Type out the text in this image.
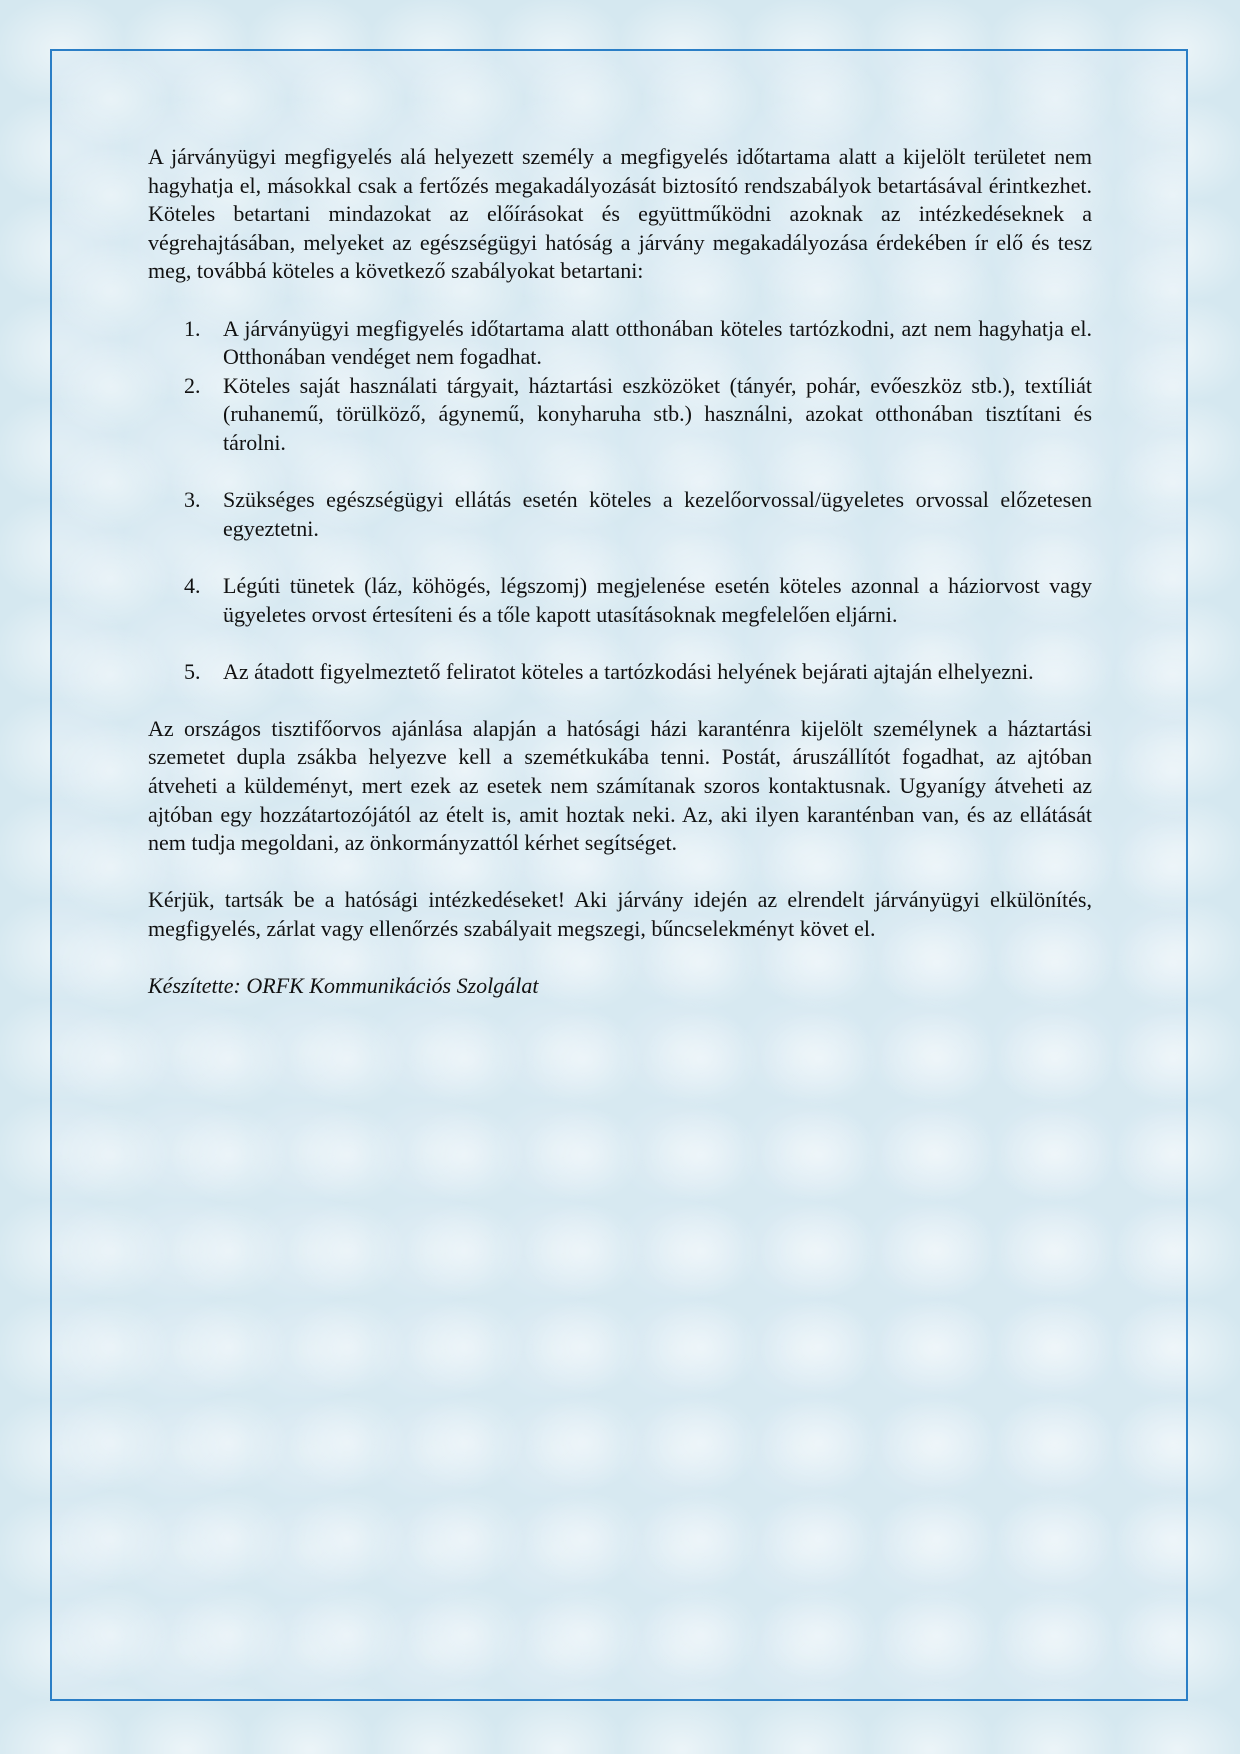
A járványügyi megfigyelés alá helyezett személy a megfigyelés időtartama alatt a kijelölt területet nem hagyhatja el, másokkal csak a fertőzés megakadályozását biztosító rendszabályok betartásával érintkezhet. Köteles betartani mindazokat az előírásokat és együttműködni azoknak az intézkedéseknek a végrehajtásában, melyeket az egészségügyi hatóság a járvány megakadályozása érdekében ír elő és tesz meg, továbbá köteles a következő szabályokat betartani:

1. A járványügyi megfigyelés időtartama alatt otthonában köteles tartózkodni, azt nem hagyhatja el. Otthonában vendéget nem fogadhat.
2. Köteles saját használati tárgyait, háztartási eszközöket (tányér, pohár, evőeszköz stb.), textíliát (ruhanemű, törülköző, ágynemű, konyharuha stb.) használni, azokat otthonában tisztítani és tárolni.
3. Szükséges egészségügyi ellátás esetén köteles a kezelőorvossal/ügyeletes orvossal előzetesen egyeztetni.
4. Légúti tünetek (láz, köhögés, légszomj) megjelenése esetén köteles azonnal a háziorvost vagy ügyeletes orvost értesíteni és a tőle kapott utasításoknak megfelelően eljárni.
5. Az átadott figyelmeztető feliratot köteles a tartózkodási helyének bejárati ajtaján elhelyezni.

Az országos tisztifőorvos ajánlása alapján a hatósági házi karanténra kijelölt személynek a háztartási szemetet dupla zsákba helyezve kell a szemétkukába tenni. Postát, áruszállítót fogadhat, az ajtóban átveheti a küldeményt, mert ezek az esetek nem számítanak szoros kontaktusnak. Ugyanígy átveheti az ajtóban egy hozzátartozójától az ételt is, amit hoztak neki. Az, aki ilyen karanténban van, és az ellátását nem tudja megoldani, az önkormányzattól kérhet segítséget.

Kérjük, tartsák be a hatósági intézkedéseket! Aki járvány idején az elrendelt járványügyi elkülönítés, megfigyelés, zárlat vagy ellenőrzés szabályait megszegi, bűncselekményt követ el.

Készítette: ORFK Kommunikációs Szolgálat
